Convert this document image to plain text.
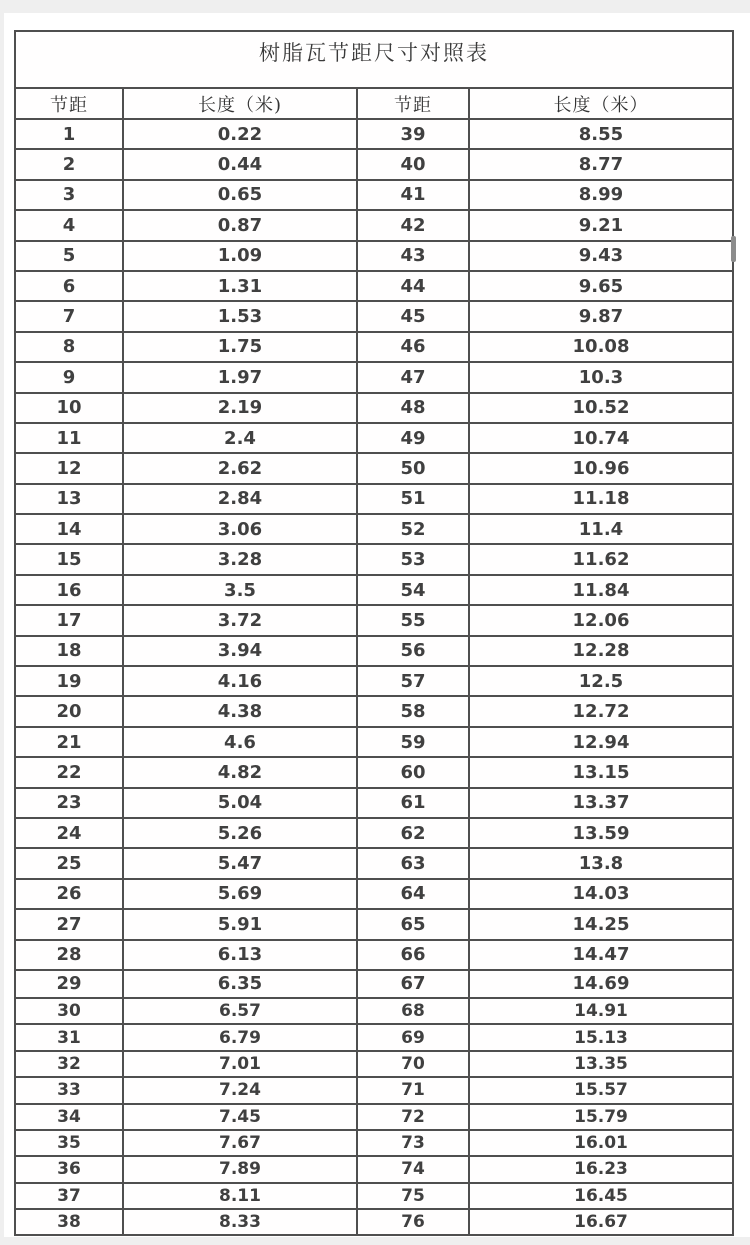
树脂瓦节距尺寸对照表			
节距	长度（米)	节距	长度（米）
1	0.22	39	8.55
2	0.44	40	8.77
3	0.65	41	8.99
4	0.87	42	9.21
5	1.09	43	9.43
6	1.31	44	9.65
7	1.53	45	9.87
8	1.75	46	10.08
9	1.97	47	10.3
10	2.19	48	10.52
11	2.4	49	10.74
12	2.62	50	10.96
13	2.84	51	11.18
14	3.06	52	11.4
15	3.28	53	11.62
16	3.5	54	11.84
17	3.72	55	12.06
18	3.94	56	12.28
19	4.16	57	12.5
20	4.38	58	12.72
21	4.6	59	12.94
22	4.82	60	13.15
23	5.04	61	13.37
24	5.26	62	13.59
25	5.47	63	13.8
26	5.69	64	14.03
27	5.91	65	14.25
28	6.13	66	14.47
29	6.35	67	14.69
30	6.57	68	14.91
31	6.79	69	15.13
32	7.01	70	13.35
33	7.24	71	15.57
34	7.45	72	15.79
35	7.67	73	16.01
36	7.89	74	16.23
37	8.11	75	16.45
38	8.33	76	16.67
